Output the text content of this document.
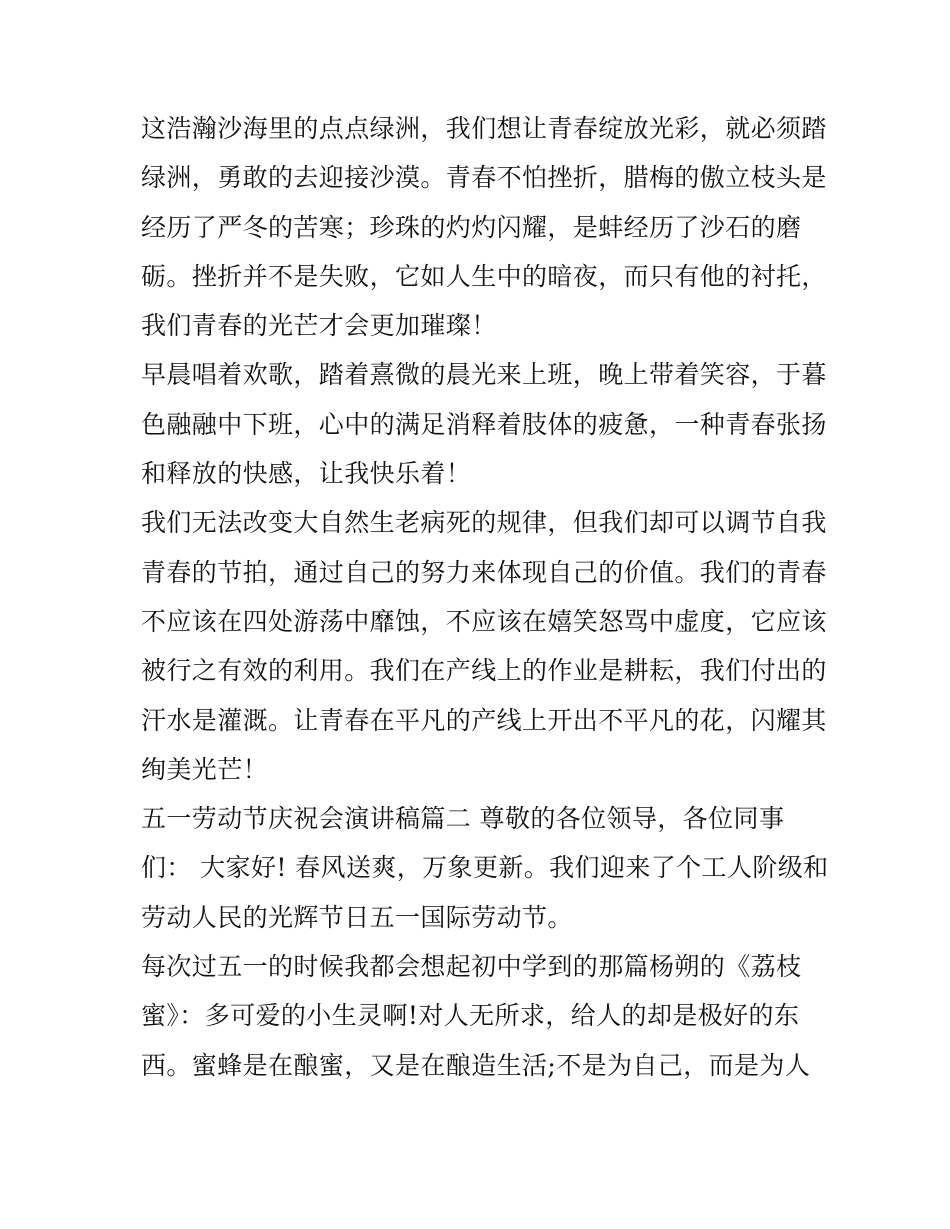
这浩瀚沙海里的点点绿洲，我们想让青春绽放光彩，就必须踏
绿洲，勇敢的去迎接沙漠。青春不怕挫折，腊梅的傲立枝头是
经历了严冬的苦寒；珍珠的灼灼闪耀，是蚌经历了沙石的磨
砺。挫折并不是失败，它如人生中的暗夜，而只有他的衬托，
我们青春的光芒才会更加璀璨！
早晨唱着欢歌，踏着熹微的晨光来上班，晚上带着笑容，于暮
色融融中下班，心中的满足消释着肢体的疲惫，一种青春张扬
和释放的快感，让我快乐着！
我们无法改变大自然生老病死的规律，但我们却可以调节自我
青春的节拍，通过自己的努力来体现自己的价值。我们的青春
不应该在四处游荡中靡蚀，不应该在嬉笑怒骂中虚度，它应该
被行之有效的利用。我们在产线上的作业是耕耘，我们付出的
汗水是灌溉。让青春在平凡的产线上开出不平凡的花，闪耀其
绚美光芒！
五一劳动节庆祝会演讲稿篇二 尊敬的各位领导，各位同事
们： 大家好! 春风送爽，万象更新。我们迎来了个工人阶级和
劳动人民的光辉节日五一国际劳动节。
每次过五一的时候我都会想起初中学到的那篇杨朔的《荔枝
蜜》：多可爱的小生灵啊!对人无所求，给人的却是极好的东
西。蜜蜂是在酿蜜，又是在酿造生活;不是为自己，而是为人
